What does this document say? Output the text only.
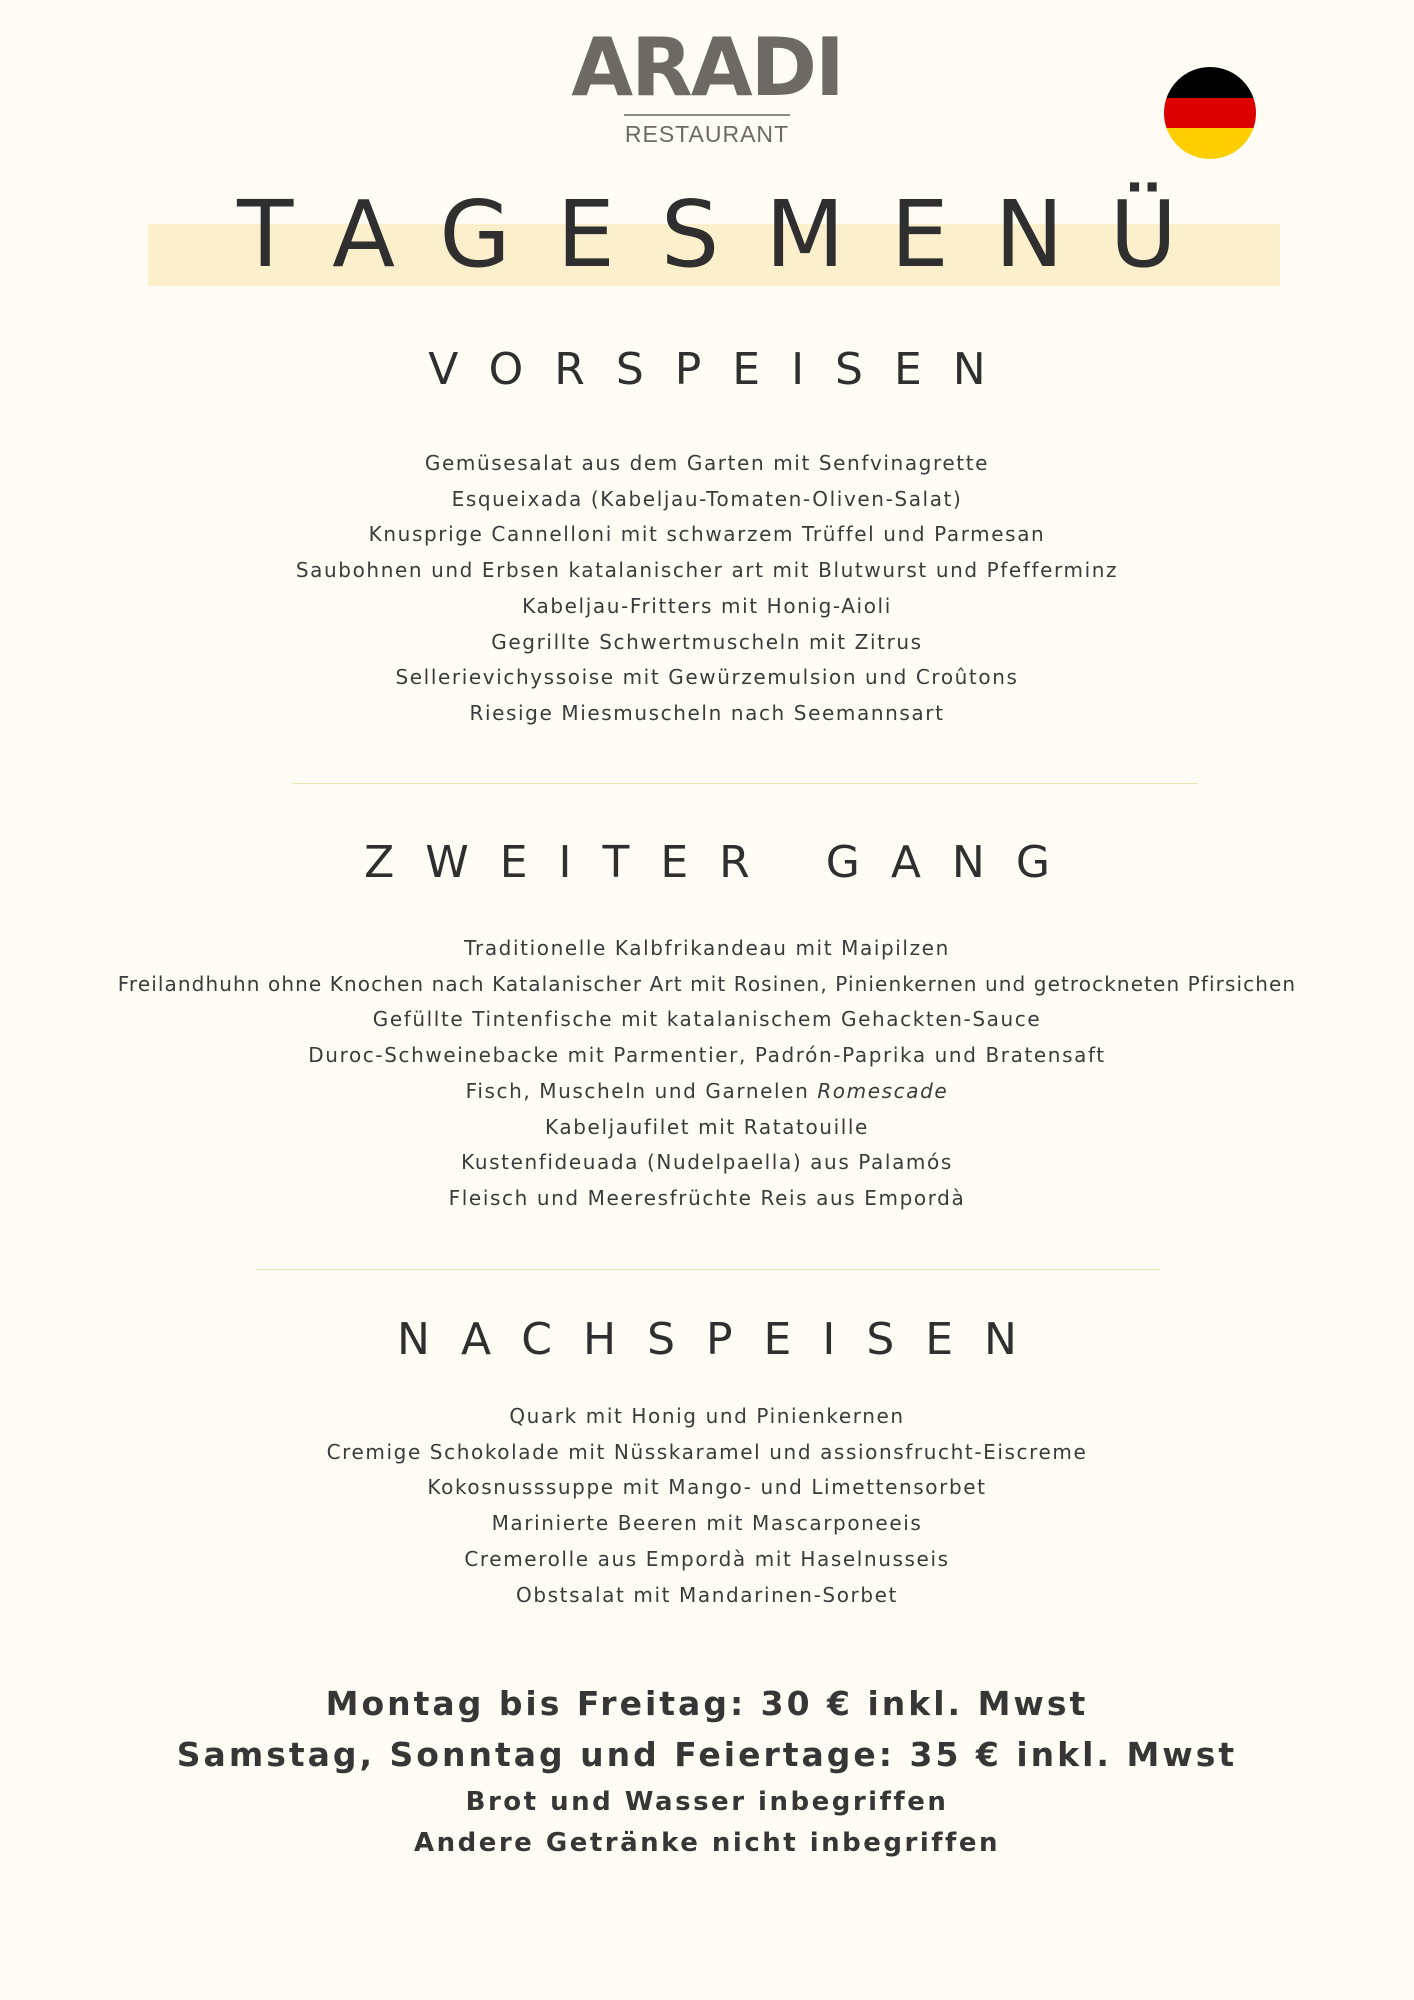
ARADI
RESTAURANT
TAGESMENÜ
VORSPEISEN
Gemüsesalat aus dem Garten mit Senfvinagrette
Esqueixada (Kabeljau-Tomaten-Oliven-Salat)
Knusprige Cannelloni mit schwarzem Trüffel und Parmesan
Saubohnen und Erbsen katalanischer art mit Blutwurst und Pfefferminz
Kabeljau-Fritters mit Honig-Aioli
Gegrillte Schwertmuscheln mit Zitrus
Sellerievichyssoise mit Gewürzemulsion und Croûtons
Riesige Miesmuscheln nach Seemannsart
ZWEITER GANG
Traditionelle Kalbfrikandeau mit Maipilzen
Freilandhuhn ohne Knochen nach Katalanischer Art mit Rosinen, Pinienkernen und getrockneten Pfirsichen
Gefüllte Tintenfische mit katalanischem Gehackten-Sauce
Duroc-Schweinebacke mit Parmentier, Padrón-Paprika und Bratensaft
Fisch, Muscheln und Garnelen Romescade
Kabeljaufilet mit Ratatouille
Kustenfideuada (Nudelpaella) aus Palamós
Fleisch und Meeresfrüchte Reis aus Empordà
NACHSPEISEN
Quark mit Honig und Pinienkernen
Cremige Schokolade mit Nüsskaramel und assionsfrucht-Eiscreme
Kokosnusssuppe mit Mango- und Limettensorbet
Marinierte Beeren mit Mascarponeeis
Cremerolle aus Empordà mit Haselnusseis
Obstsalat mit Mandarinen-Sorbet
Montag bis Freitag: 30 € inkl. Mwst
Samstag, Sonntag und Feiertage: 35 € inkl. Mwst
Brot und Wasser inbegriffen
Andere Getränke nicht inbegriffen
